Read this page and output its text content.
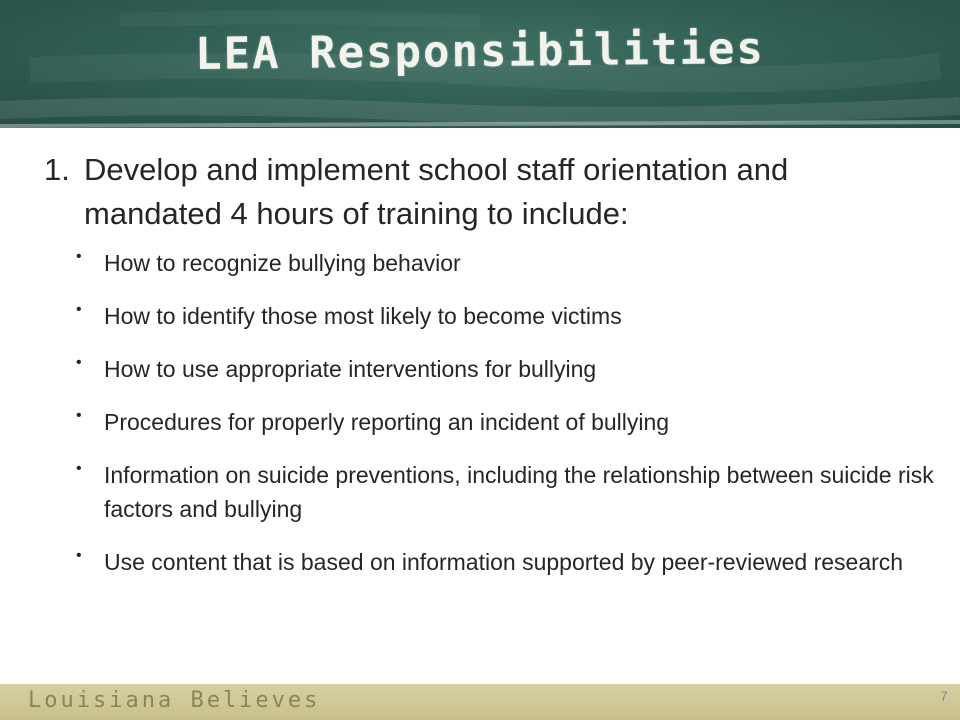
LEA Responsibilities
1. Develop and implement school staff orientation and mandated 4 hours of training to include:
• How to recognize bullying behavior
• How to identify those most likely to become victims
• How to use appropriate interventions for bullying
• Procedures for properly reporting an incident of bullying
• Information on suicide preventions, including the relationship between suicide risk factors and bullying
• Use content that is based on information supported by peer-reviewed research
Louisiana Believes	7
